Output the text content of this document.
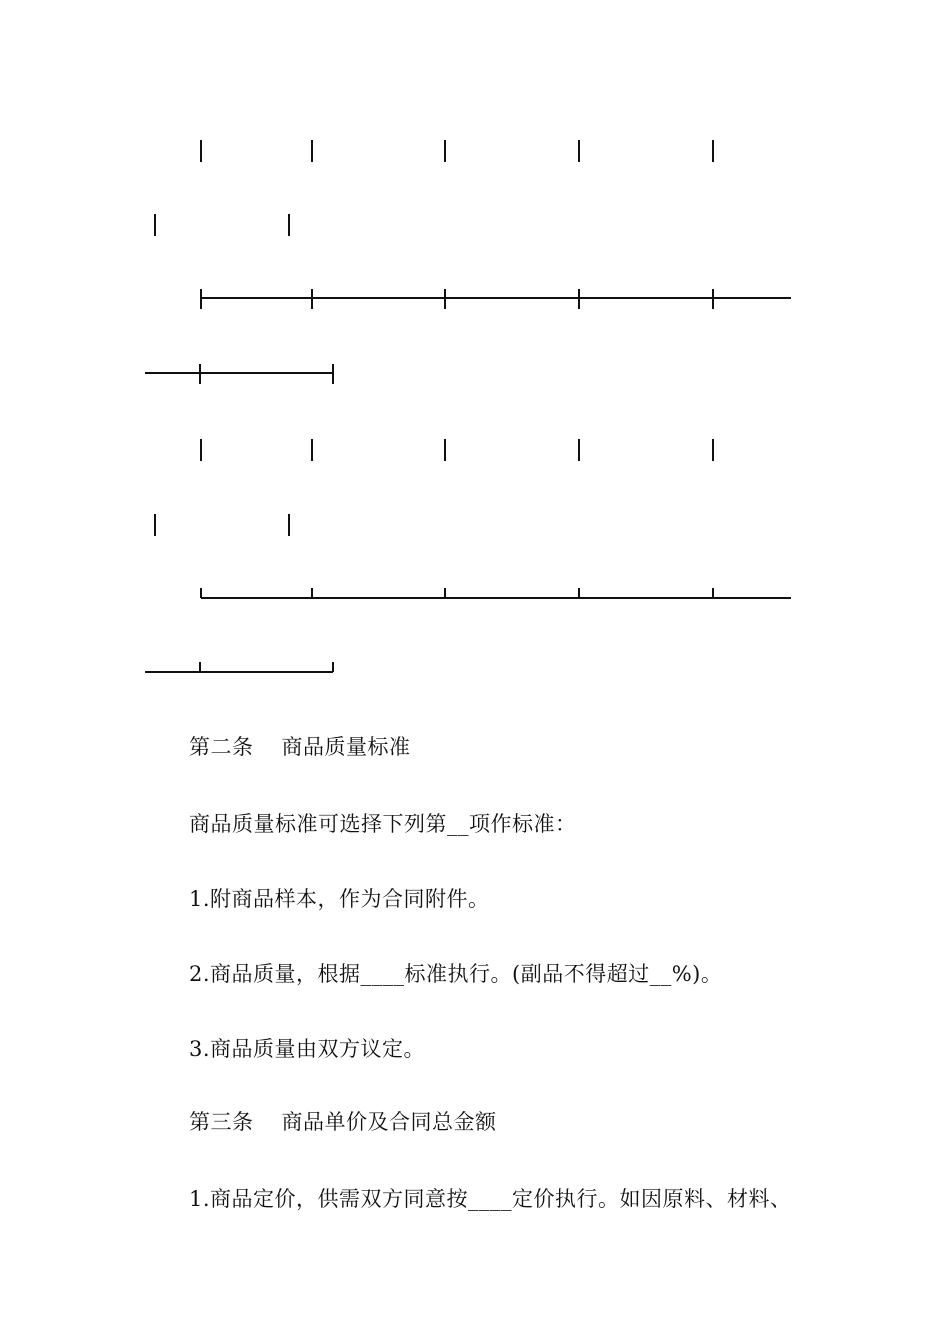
第二条 商品质量标准
商品质量标准可选择下列第__项作标准：
1.附商品样本，作为合同附件。
2.商品质量，根据____标准执行。(副品不得超过__%)。
3.商品质量由双方议定。
第三条 商品单价及合同总金额
1.商品定价，供需双方同意按____定价执行。如因原料、材料、
